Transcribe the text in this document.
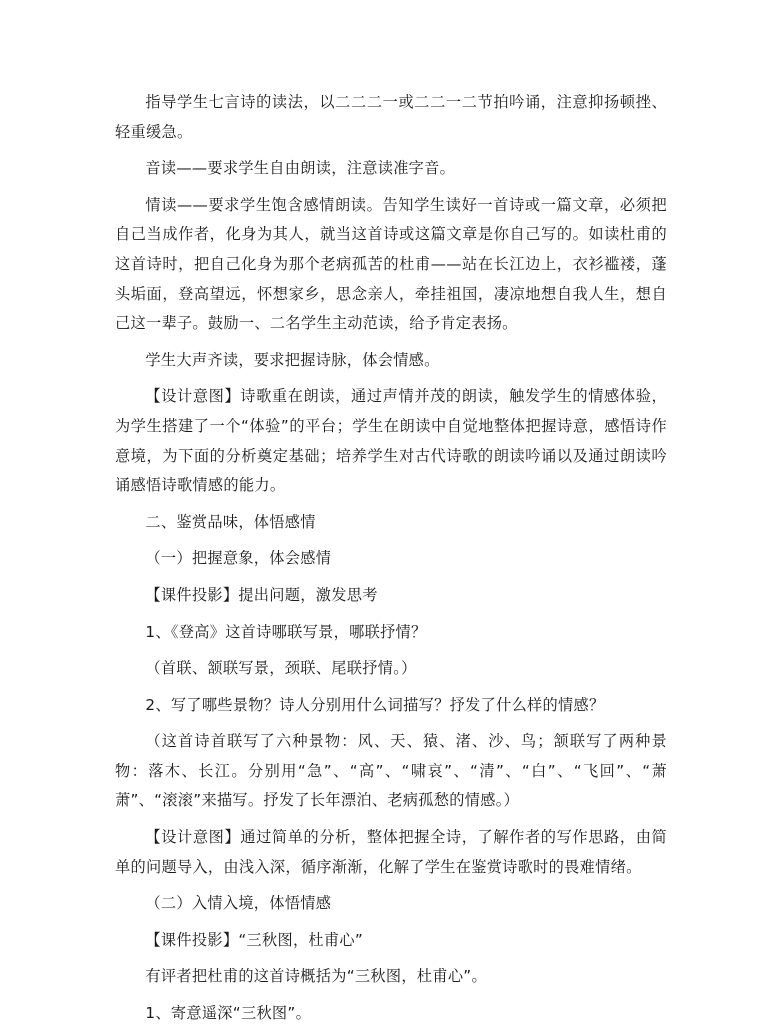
指导学生七言诗的读法，以二二二一或二二一二节拍吟诵，注意抑扬顿挫、轻重缓急。

音读——要求学生自由朗读，注意读准字音。

情读——要求学生饱含感情朗读。告知学生读好一首诗或一篇文章，必须把自己当成作者，化身为其人，就当这首诗或这篇文章是你自己写的。如读杜甫的这首诗时，把自己化身为那个老病孤苦的杜甫——站在长江边上，衣衫褴褛，蓬头垢面，登高望远，怀想家乡，思念亲人，牵挂祖国，凄凉地想自我人生，想自己这一辈子。鼓励一、二名学生主动范读，给予肯定表扬。

学生大声齐读，要求把握诗脉，体会情感。

【设计意图】诗歌重在朗读，通过声情并茂的朗读，触发学生的情感体验，为学生搭建了一个“体验”的平台；学生在朗读中自觉地整体把握诗意，感悟诗作意境，为下面的分析奠定基础；培养学生对古代诗歌的朗读吟诵以及通过朗读吟诵感悟诗歌情感的能力。

二、鉴赏品味，体悟感情

（一）把握意象，体会感情

【课件投影】提出问题，激发思考

1、《登高》这首诗哪联写景，哪联抒情？

（首联、颔联写景，颈联、尾联抒情。）

2、写了哪些景物？诗人分别用什么词描写？抒发了什么样的情感？

（这首诗首联写了六种景物：风、天、猿、渚、沙、鸟；颔联写了两种景物：落木、长江。分别用“急”、“高”、“啸哀”、“清”、“白”、“飞回”、“萧萧”、“滚滚”来描写。抒发了长年漂泊、老病孤愁的情感。）

【设计意图】通过简单的分析，整体把握全诗，了解作者的写作思路，由简单的问题导入，由浅入深，循序渐渐，化解了学生在鉴赏诗歌时的畏难情绪。

（二）入情入境，体悟情感

【课件投影】“三秋图，杜甫心”

有评者把杜甫的这首诗概括为“三秋图，杜甫心”。

1、寄意遥深“三秋图”。
